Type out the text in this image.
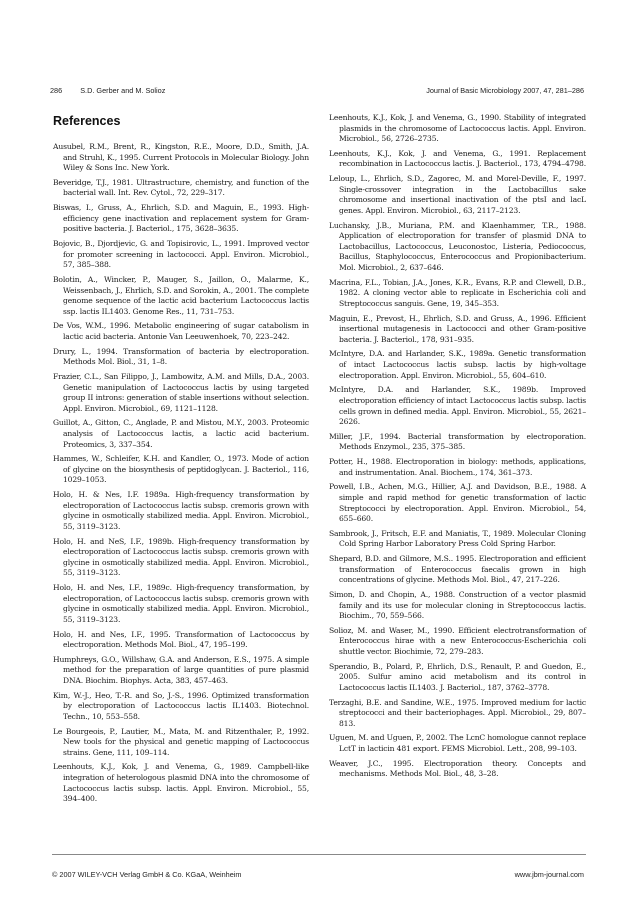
286 S.D. Gerber and M. Solioz	Journal of Basic Microbiology 2007, 47, 281–286
References

Ausubel, R.M., Brent, R., Kingston, R.E., Moore, D.D., Smith, J.A. and Struhl, K., 1995. Current Protocols in Molecular Biology. John Wiley & Sons Inc. New York.

Beveridge, T.J., 1981. Ultrastructure, chemistry, and function of the bacterial wall. Int. Rev. Cytol., 72, 229–317.

Biswas, I., Gruss, A., Ehrlich, S.D. and Maguin, E., 1993. High-efficiency gene inactivation and replacement system for Gram-positive bacteria. J. Bacteriol., 175, 3628–3635.

Bojovic, B., Djordjevic, G. and Topisirovic, L., 1991. Improved vector for promoter screening in lactococci. Appl. Environ. Microbiol., 57, 385–388.

Bolotin, A., Wincker, P., Mauger, S., Jaillon, O., Malarme, K., Weissenbach, J., Ehrlich, S.D. and Sorokin, A., 2001. The complete genome sequence of the lactic acid bacterium Lactococcus lactis ssp. lactis IL1403. Genome Res., 11, 731–753.

De Vos, W.M., 1996. Metabolic engineering of sugar catabolism in lactic acid bacteria. Antonie Van Leeuwenhoek, 70, 223–242.

Drury, L., 1994. Transformation of bacteria by electroporation. Methods Mol. Biol., 31, 1–8.

Frazier, C.L., San Filippo, J., Lambowitz, A.M. and Mills, D.A., 2003. Genetic manipulation of Lactococcus lactis by using targeted group II introns: generation of stable insertions without selection. Appl. Environ. Microbiol., 69, 1121–1128.

Guillot, A., Gitton, C., Anglade, P. and Mistou, M.Y., 2003. Proteomic analysis of Lactococcus lactis, a lactic acid bacterium. Proteomics, 3, 337–354.

Hammes, W., Schleifer, K.H. and Kandler, O., 1973. Mode of action of glycine on the biosynthesis of peptidoglycan. J. Bacteriol., 116, 1029–1053.

Holo, H. & Nes, I.F. 1989a. High-frequency transformation by electroporation of Lactococcus lactis subsp. cremoris grown with glycine in osmotically stabilized media. Appl. Environ. Microbiol., 55, 3119–3123.

Holo, H. and NeS, I.F., 1989b. High-frequency transformation by electroporation of Lactococcus lactis subsp. cremoris grown with glycine in osmotically stabilized media. Appl. Environ. Microbiol., 55, 3119–3123.

Holo, H. and Nes, I.F., 1989c. High-frequency transformation, by electroporation, of Lactococcus lactis subsp. cremoris grown with glycine in osmotically stabilized media. Appl. Environ. Microbiol., 55, 3119–3123.

Holo, H. and Nes, I.F., 1995. Transformation of Lactococcus by electroporation. Methods Mol. Biol., 47, 195–199.

Humphreys, G.O., Willshaw, G.A. and Anderson, E.S., 1975. A simple method for the preparation of large quantities of pure plasmid DNA. Biochim. Biophys. Acta, 383, 457–463.

Kim, W.-J., Heo, T.-R. and So, J.-S., 1996. Optimized transformation by electroporation of Lactococcus lactis IL1403. Biotechnol. Techn., 10, 553–558.

Le Bourgeois, P., Lautier, M., Mata, M. and Ritzenthaler, P., 1992. New tools for the physical and genetic mapping of Lactococcus strains. Gene, 111, 109–114.

Leenhouts, K.J., Kok, J. and Venema, G., 1989. Campbell-like integration of heterologous plasmid DNA into the chromosome of Lactococcus lactis subsp. lactis. Appl. Environ. Microbiol., 55, 394–400.

Leenhouts, K.J., Kok, J. and Venema, G., 1990. Stability of integrated plasmids in the chromosome of Lactococcus lactis. Appl. Environ. Microbiol., 56, 2726–2735.

Leenhouts, K.J., Kok, J. and Venema, G., 1991. Replacement recombination in Lactococcus lactis. J. Bacteriol., 173, 4794–4798.

Leloup, L., Ehrlich, S.D., Zagorec, M. and Morel-Deville, F., 1997. Single-crossover integration in the Lactobacillus sake chromosome and insertional inactivation of the ptsI and lacL genes. Appl. Environ. Microbiol., 63, 2117–2123.

Luchansky, J.B., Muriana, P.M. and Klaenhammer, T.R., 1988. Application of electroporation for transfer of plasmid DNA to Lactobacillus, Lactococcus, Leuconostoc, Listeria, Pediococcus, Bacillus, Staphylococcus, Enterococcus and Propionibacterium. Mol. Microbiol., 2, 637–646.

Macrina, F.L., Tobian, J.A., Jones, K.R., Evans, R.P. and Clewell, D.B., 1982. A cloning vector able to replicate in Escherichia coli and Streptococcus sanguis. Gene, 19, 345–353.

Maguin, E., Prevost, H., Ehrlich, S.D. and Gruss, A., 1996. Efficient insertional mutagenesis in Lactococci and other Gram-positive bacteria. J. Bacteriol., 178, 931–935.

McIntyre, D.A. and Harlander, S.K., 1989a. Genetic transformation of intact Lactococcus lactis subsp. lactis by high-voltage electroporation. Appl. Environ. Microbiol., 55, 604–610.

McIntyre, D.A. and Harlander, S.K., 1989b. Improved electroporation efficiency of intact Lactococcus lactis subsp. lactis cells grown in defined media. Appl. Environ. Microbiol., 55, 2621–2626.

Miller, J.F., 1994. Bacterial transformation by electroporation. Methods Enzymol., 235, 375–385.

Potter, H., 1988. Electroporation in biology: methods, applications, and instrumentation. Anal. Biochem., 174, 361–373.

Powell, I.B., Achen, M.G., Hillier, A.J. and Davidson, B.E., 1988. A simple and rapid method for genetic transformation of lactic Streptococci by electroporation. Appl. Environ. Microbiol., 54, 655–660.

Sambrook, J., Fritsch, E.F. and Maniatis, T., 1989. Molecular Cloning Cold Spring Harbor Laboratory Press Cold Spring Harbor.

Shepard, B.D. and Gilmore, M.S.. 1995. Electroporation and efficient transformation of Enterococcus faecalis grown in high concentrations of glycine. Methods Mol. Biol., 47, 217–226.

Simon, D. and Chopin, A., 1988. Construction of a vector plasmid family and its use for molecular cloning in Streptococcus lactis. Biochim., 70, 559–566.

Solioz, M. and Waser, M., 1990. Efficient electrotransformation of Enterococcus hirae with a new Enterococcus-Escherichia coli shuttle vector. Biochimie, 72, 279–283.

Sperandio, B., Polard, P., Ehrlich, D.S., Renault, P. and Guedon, E., 2005. Sulfur amino acid metabolism and its control in Lactococcus lactis IL1403. J. Bacteriol., 187, 3762–3778.

Terzaghi, B.E. and Sandine, W.E., 1975. Improved medium for lactic streptococci and their bacteriophages. Appl. Microbiol., 29, 807–813.

Uguen, M. and Uguen, P., 2002. The LcnC homologue cannot replace LctT in lacticin 481 export. FEMS Microbiol. Lett., 208, 99–103.

Weaver, J.C., 1995. Electroporation theory. Concepts and mechanisms. Methods Mol. Biol., 48, 3–28.

© 2007 WILEY-VCH Verlag GmbH & Co. KGaA, Weinheim	www.jbm-journal.com
